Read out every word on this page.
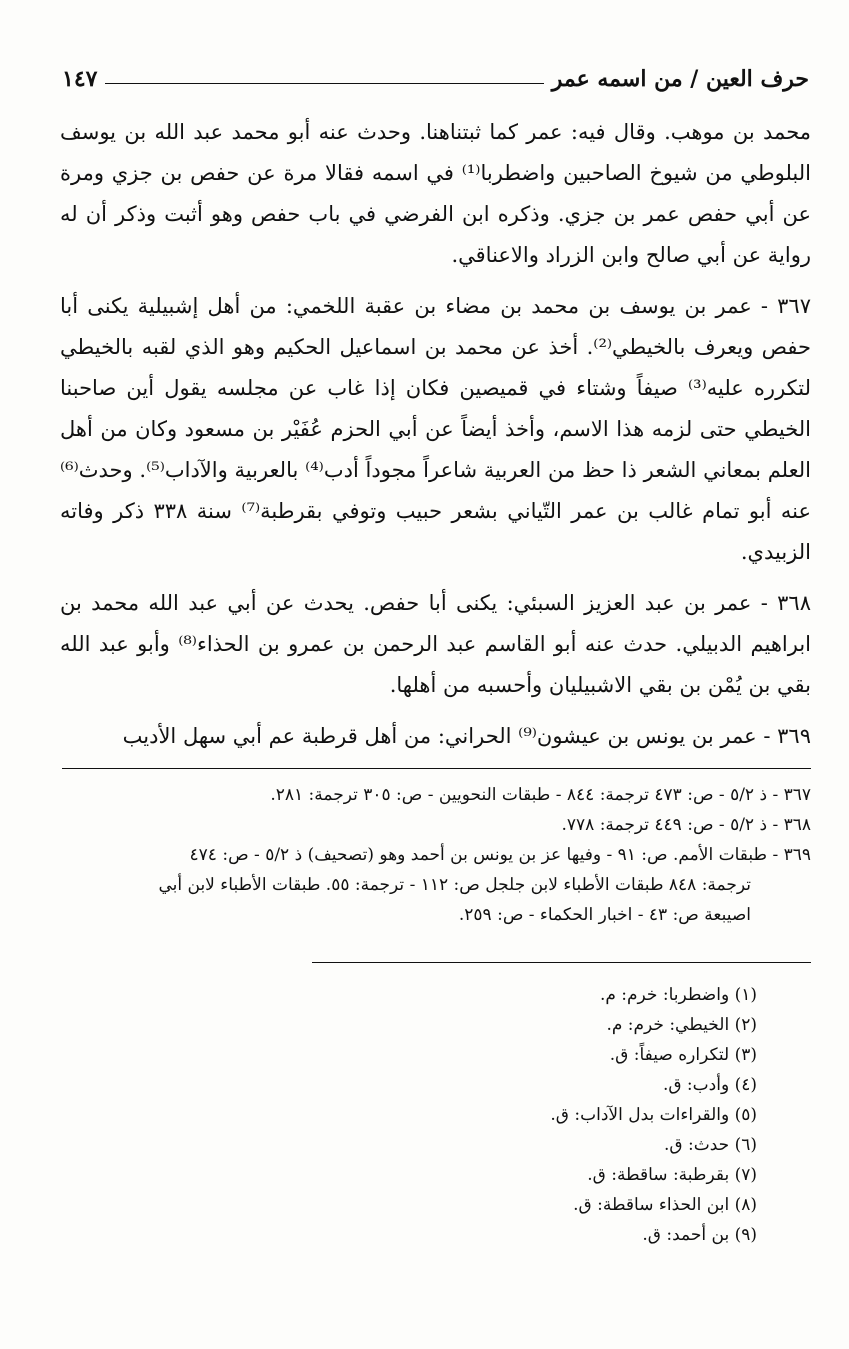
حرف العين / من اسمه عمر
١٤٧

محمد بن موهب. وقال فيه: عمر كما ثبتناهنا. وحدث عنه أبو محمد عبد الله بن يوسف البلوطي من شيوخ الصاحبين واضطربا⁽¹⁾ في اسمه فقالا مرة عن حفص بن جزي ومرة عن أبي حفص عمر بن جزي. وذكره ابن الفرضي في باب حفص وهو أثبت وذكر أن له رواية عن أبي صالح وابن الزراد والاعناقي.

٣٦٧ - عمر بن يوسف بن محمد بن مضاء بن عقبة اللخمي: من أهل إشبيلية يكنى أبا حفص ويعرف بالخيطي⁽²⁾. أخذ عن محمد بن اسماعيل الحكيم وهو الذي لقبه بالخيطي لتكرره عليه⁽³⁾ صيفاً وشتاء في قميصين فكان إذا غاب عن مجلسه يقول أين صاحبنا الخيطي حتى لزمه هذا الاسم، وأخذ أيضاً عن أبي الحزم عُفَيْر بن مسعود وكان من أهل العلم بمعاني الشعر ذا حظ من العربية شاعراً مجوداً أدب⁽⁴⁾ بالعربية والآداب⁽⁵⁾. وحدث⁽⁶⁾ عنه أبو تمام غالب بن عمر التّياني بشعر حبيب وتوفي بقرطبة⁽⁷⁾ سنة ٣٣٨ ذكر وفاته الزبيدي.

٣٦٨ - عمر بن عبد العزيز السبئي: يكنى أبا حفص. يحدث عن أبي عبد الله محمد بن ابراهيم الدبيلي. حدث عنه أبو القاسم عبد الرحمن بن عمرو بن الحذاء⁽⁸⁾ وأبو عبد الله بقي بن يُمْن بن بقي الاشبيليان وأحسبه من أهلها.

٣٦٩ - عمر بن يونس بن عيشون⁽⁹⁾ الحراني: من أهل قرطبة عم أبي سهل الأديب

٣٦٧ - ذ ٥/٢ - ص: ٤٧٣ ترجمة: ٨٤٤ - طبقات النحويين - ص: ٣٠٥ ترجمة: ٢٨١.

٣٦٨ - ذ ٥/٢ - ص: ٤٤٩ ترجمة: ٧٧٨.

٣٦٩ - طبقات الأمم. ص: ٩١ - وفيها عز بن يونس بن أحمد وهو (تصحيف) ذ ٥/٢ - ص: ٤٧٤

ترجمة: ٨٤٨ طبقات الأطباء لابن جلجل ص: ١١٢ - ترجمة: ٥٥. طبقات الأطباء لابن أبي

اصيبعة ص: ٤٣ - اخبار الحكماء - ص: ٢٥٩.

(١) واضطربا: خرم: م.
(٢) الخيطي: خرم: م.
(٣) لتكراره صيفاً: ق.
(٤) وأدب: ق.
(٥) والقراءات بدل الآداب: ق.
(٦) حدث: ق.
(٧) بقرطبة: ساقطة: ق.
(٨) ابن الحذاء ساقطة: ق.
(٩) بن أحمد: ق.
